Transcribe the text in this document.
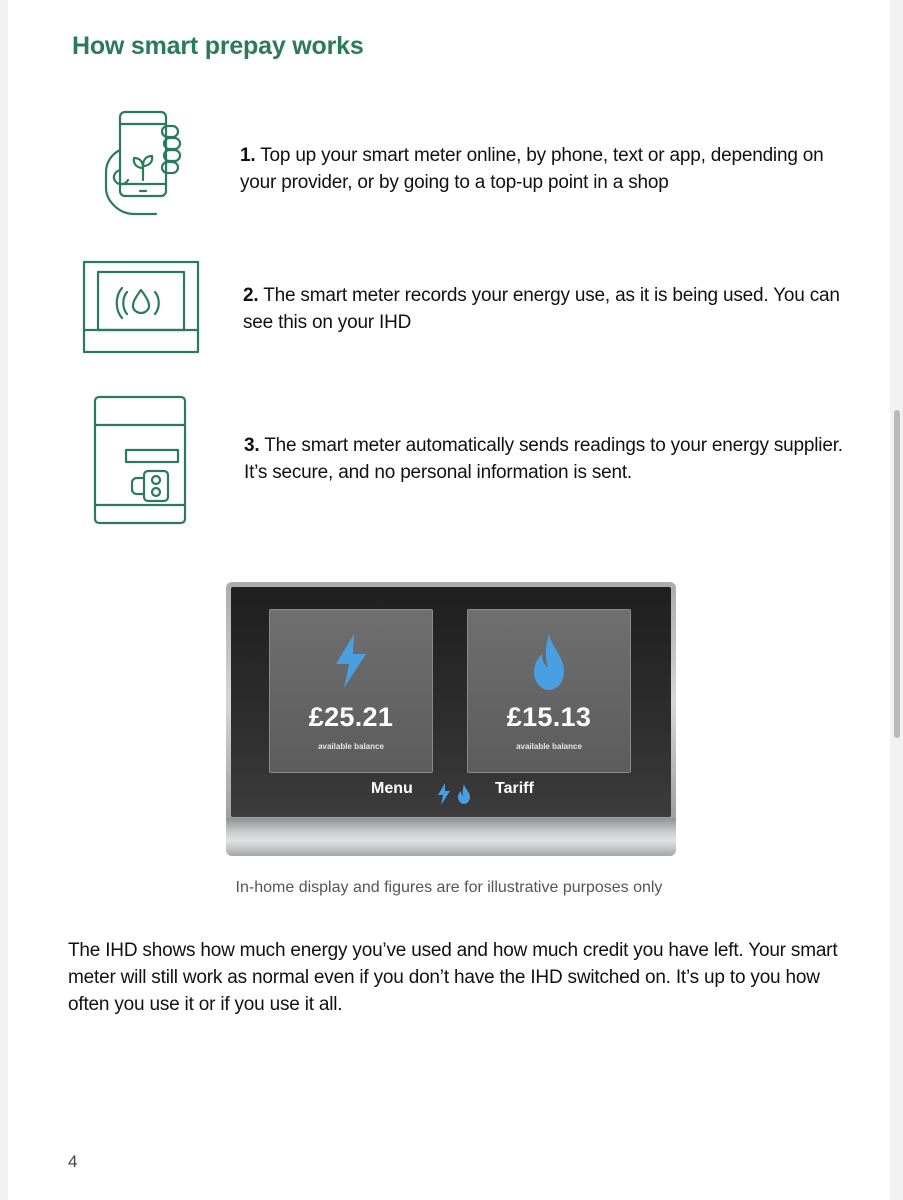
How smart prepay works
1. Top up your smart meter online, by phone, text or app, depending on your provider, or by going to a top-up point in a shop
2. The smart meter records your energy use, as it is being used. You can see this on your IHD
3. The smart meter automatically sends readings to your energy supplier. It’s secure, and no personal information is sent.
£25.21
available balance
£15.13
available balance
Menu	Tariff
In-home display and figures are for illustrative purposes only

The IHD shows how much energy you’ve used and how much credit you have left. Your smart meter will still work as normal even if you don’t have the IHD switched on. It’s up to you how often you use it or if you use it all.

4
